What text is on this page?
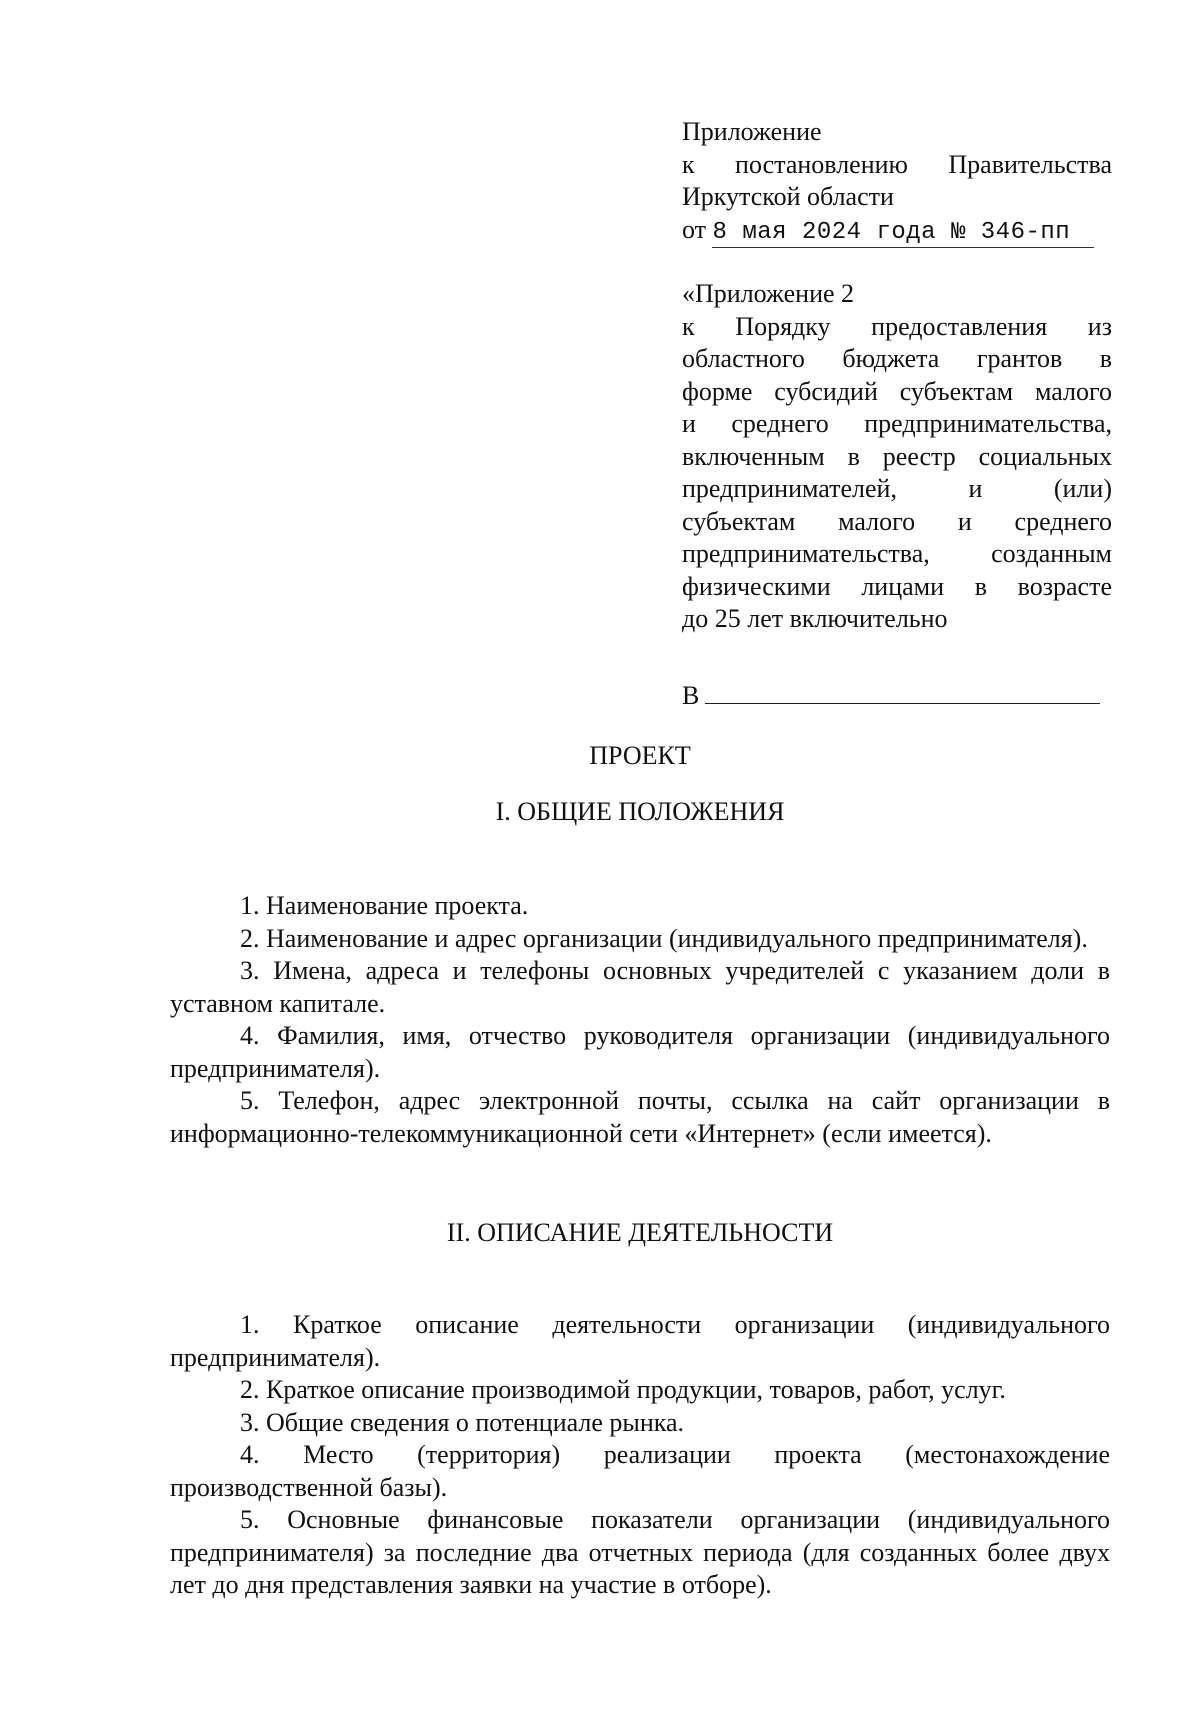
Приложение

к постановлению Правительства

Иркутской области

от 8 мая 2024 года № 346-пп

«Приложение 2

к Порядку предоставления из

областного бюджета грантов в

форме субсидий субъектам малого

и среднего предпринимательства,

включенным в реестр социальных

предпринимателей, и (или)

субъектам малого и среднего

предпринимательства, созданным

физическими лицами в возрасте

до 25 лет включительно

В
ПРОЕКТ
I. ОБЩИЕ ПОЛОЖЕНИЯ

1. Наименование проекта.

2. Наименование и адрес организации (индивидуального предпринимателя).

3. Имена, адреса и телефоны основных учредителей с указанием доли в уставном капитале.

4. Фамилия, имя, отчество руководителя организации (индивидуального предпринимателя).

5. Телефон, адрес электронной почты, ссылка на сайт организации в информационно-телекоммуникационной сети «Интернет» (если имеется).

II. ОПИСАНИЕ ДЕЯТЕЛЬНОСТИ

1. Краткое описание деятельности организации (индивидуального предпринимателя).

2. Краткое описание производимой продукции, товаров, работ, услуг.

3. Общие сведения о потенциале рынка.

4. Место (территория) реализации проекта (местонахождение производственной базы).

5. Основные финансовые показатели организации (индивидуального предпринимателя) за последние два отчетных периода (для созданных более двух лет до дня представления заявки на участие в отборе).
